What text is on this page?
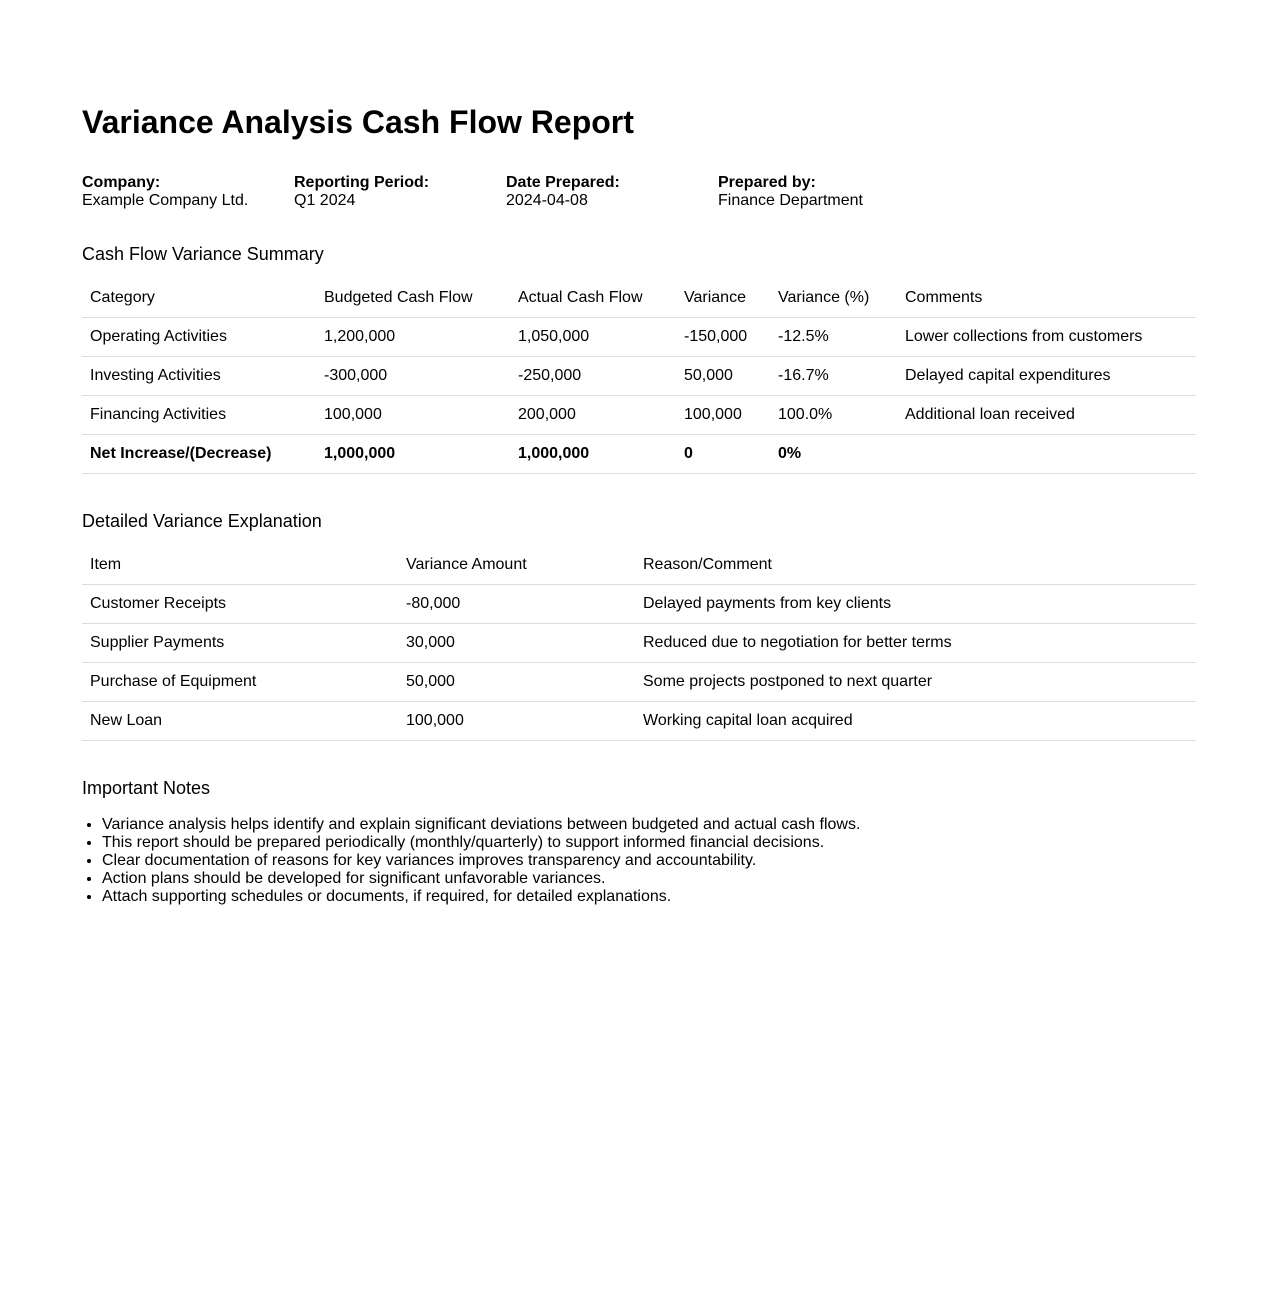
Variance Analysis Cash Flow Report
Company:
Example Company Ltd.
Reporting Period:
Q1 2024
Date Prepared:
2024-04-08
Prepared by:
Finance Department
Cash Flow Variance Summary
Category	Budgeted Cash Flow	Actual Cash Flow	Variance	Variance (%)	Comments
Operating Activities	1,200,000	1,050,000	-150,000	-12.5%	Lower collections from customers
Investing Activities	-300,000	-250,000	50,000	-16.7%	Delayed capital expenditures
Financing Activities	100,000	200,000	100,000	100.0%	Additional loan received
Net Increase/(Decrease)	1,000,000	1,000,000	0	0%	
Detailed Variance Explanation
Item	Variance Amount	Reason/Comment
Customer Receipts	-80,000	Delayed payments from key clients
Supplier Payments	30,000	Reduced due to negotiation for better terms
Purchase of Equipment	50,000	Some projects postponed to next quarter
New Loan	100,000	Working capital loan acquired
Important Notes
• Variance analysis helps identify and explain significant deviations between budgeted and actual cash flows.
• This report should be prepared periodically (monthly/quarterly) to support informed financial decisions.
• Clear documentation of reasons for key variances improves transparency and accountability.
• Action plans should be developed for significant unfavorable variances.
• Attach supporting schedules or documents, if required, for detailed explanations.
